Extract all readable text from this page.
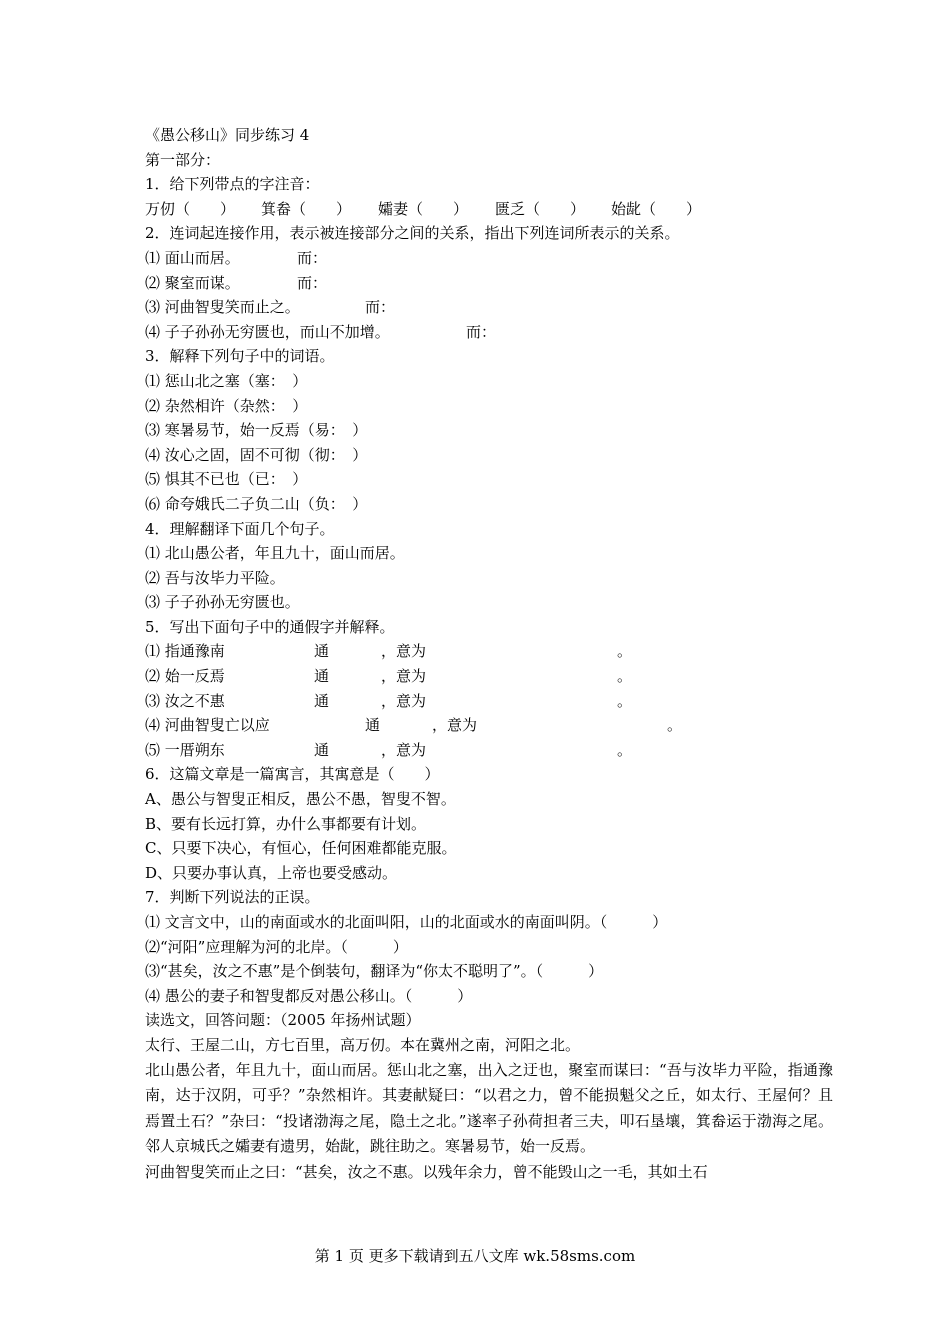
《愚公移山》同步练习 4
第一部分：
1．给下列带点的字注音：

万仞（　　）

箕畚（　　）

孀妻（　　）

匮乏（　　）

始龀（　　）

2．连词起连接作用，表示被连接部分之间的关系，指出下列连词所表示的关系。

⑴ 面山而居。

	而：

⑵ 聚室而谋。

	而：

⑶ 河曲智叟笑而止之。

	而：

⑷ 子子孙孙无穷匮也，而山不加增。

	而：

3．解释下列句子中的词语。
⑴ 惩山北之塞（塞：　）
⑵ 杂然相许（杂然：　）
⑶ 寒暑易节，始一反焉（易：　）
⑷ 汝心之固，固不可彻（彻：　）
⑸ 惧其不已也（已：　）
⑹ 命夸娥氏二子负二山（负：　）
4．理解翻译下面几个句子。
⑴ 北山愚公者，年且九十，面山而居。
⑵ 吾与汝毕力平险。
⑶ 子子孙孙无穷匮也。
5．写出下面句子中的通假字并解释。

⑴ 指通豫南

	通

	，意为

	。

⑵ 始一反焉

	通

	，意为

	。

⑶ 汝之不惠

	通

	，意为

	。

⑷ 河曲智叟亡以应

	通

	，意为

	。

⑸ 一厝朔东

	通

	，意为

	。

6．这篇文章是一篇寓言，其寓意是（　　）
A、愚公与智叟正相反，愚公不愚，智叟不智。
B、要有长远打算，办什么事都要有计划。
C、只要下决心，有恒心，任何困难都能克服。
D、只要办事认真，上帝也要受感动。
7．判断下列说法的正误。
⑴ 文言文中，山的南面或水的北面叫阳，山的北面或水的南面叫阴。（　　　）
⑵“河阳”应理解为河的北岸。（　　　）
⑶“甚矣，汝之不惠”是个倒装句，翻译为“你太不聪明了”。（　　　）
⑷ 愚公的妻子和智叟都反对愚公移山。（　　　）
读选文，回答问题：（2005 年扬州试题）
太行、王屋二山，方七百里，高万仞。本在冀州之南，河阳之北。
北山愚公者，年且九十，面山而居。惩山北之塞，出入之迂也，聚室而谋曰：“吾与汝毕力平险，指通豫南，达于汉阴，可乎？”杂然相许。其妻献疑曰：“以君之力，曾不能损魁父之丘，如太行、王屋何？且焉置土石？”杂曰：“投诸渤海之尾，隐土之北。”遂率子孙荷担者三夫，叩石垦壤，箕畚运于渤海之尾。邻人京城氏之孀妻有遗男，始龀，跳往助之。寒暑易节，始一反焉。
河曲智叟笑而止之曰：“甚矣，汝之不惠。以残年余力，曾不能毁山之一毛，其如土石
第 1 页 更多下载请到五八文库 wk.58sms.com
